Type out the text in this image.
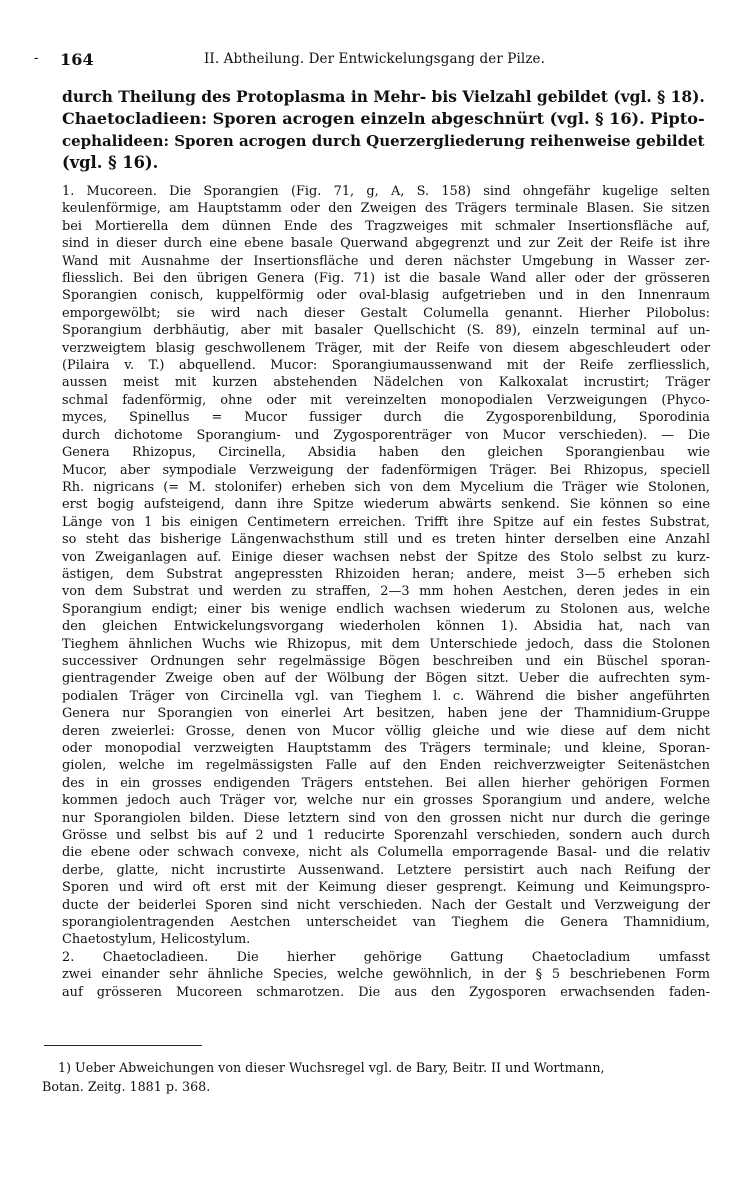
- 164	II. Abtheilung. Der Entwickelungsgang der Pilze.
durch Theilung des Protoplasma in Mehr- bis Vielzahl gebildet (vgl. § 18).
Chaetocladieen: Sporen acrogen einzeln abgeschnürt (vgl. § 16). Pipto-
cephalideen: Sporen acrogen durch Querzergliederung reihenweise gebildet
(vgl. § 16).
1. Mucoreen. Die Sporangien (Fig. 71, g, A, S. 158) sind ohngefähr kugelige selten
keulenförmige, am Hauptstamm oder den Zweigen des Trägers terminale Blasen. Sie sitzen
bei Mortierella dem dünnen Ende des Tragzweiges mit schmaler Insertionsfläche auf,
sind in dieser durch eine ebene basale Querwand abgegrenzt und zur Zeit der Reife ist ihre
Wand mit Ausnahme der Insertionsfläche und deren nächster Umgebung in Wasser zer-
fliesslich. Bei den übrigen Genera (Fig. 71) ist die basale Wand aller oder der grösseren
Sporangien conisch, kuppelförmig oder oval-blasig aufgetrieben und in den Innenraum
emporgewölbt; sie wird nach dieser Gestalt Columella genannt. Hierher Pilobolus:
Sporangium derbhäutig, aber mit basaler Quellschicht (S. 89), einzeln terminal auf un-
verzweigtem blasig geschwollenem Träger, mit der Reife von diesem abgeschleudert oder
(Pilaira v. T.) abquellend. Mucor: Sporangiumaussenwand mit der Reife zerfliesslich,
aussen meist mit kurzen abstehenden Nädelchen von Kalkoxalat incrustirt; Träger
schmal fadenförmig, ohne oder mit vereinzelten monopodialen Verzweigungen (Phyco-
myces, Spinellus = Mucor fussiger durch die Zygosporenbildung, Sporodinia
durch dichotome Sporangium- und Zygosporenträger von Mucor verschieden). — Die
Genera Rhizopus, Circinella, Absidia haben den gleichen Sporangienbau wie
Mucor, aber sympodiale Verzweigung der fadenförmigen Träger. Bei Rhizopus, speciell
Rh. nigricans (= M. stolonifer) erheben sich von dem Mycelium die Träger wie Stolonen,
erst bogig aufsteigend, dann ihre Spitze wiederum abwärts senkend. Sie können so eine
Länge von 1 bis einigen Centimetern erreichen. Trifft ihre Spitze auf ein festes Substrat,
so steht das bisherige Längenwachsthum still und es treten hinter derselben eine Anzahl
von Zweiganlagen auf. Einige dieser wachsen nebst der Spitze des Stolo selbst zu kurz-
ästigen, dem Substrat angepressten Rhizoiden heran; andere, meist 3—5 erheben sich
von dem Substrat und werden zu straffen, 2—3 mm hohen Aestchen, deren jedes in ein
Sporangium endigt; einer bis wenige endlich wachsen wiederum zu Stolonen aus, welche
den gleichen Entwickelungsvorgang wiederholen können 1). Absidia hat, nach van
Tieghem ähnlichen Wuchs wie Rhizopus, mit dem Unterschiede jedoch, dass die Stolonen
successiver Ordnungen sehr regelmässige Bögen beschreiben und ein Büschel sporan-
gientragender Zweige oben auf der Wölbung der Bögen sitzt. Ueber die aufrechten sym-
podialen Träger von Circinella vgl. van Tieghem l. c. Während die bisher angeführten
Genera nur Sporangien von einerlei Art besitzen, haben jene der Thamnidium-Gruppe
deren zweierlei: Grosse, denen von Mucor völlig gleiche und wie diese auf dem nicht
oder monopodial verzweigten Hauptstamm des Trägers terminale; und kleine, Sporan-
giolen, welche im regelmässigsten Falle auf den Enden reichverzweigter Seitenästchen
des in ein grosses endigenden Trägers entstehen. Bei allen hierher gehörigen Formen
kommen jedoch auch Träger vor, welche nur ein grosses Sporangium und andere, welche
nur Sporangiolen bilden. Diese letztern sind von den grossen nicht nur durch die geringe
Grösse und selbst bis auf 2 und 1 reducirte Sporenzahl verschieden, sondern auch durch
die ebene oder schwach convexe, nicht als Columella emporragende Basal- und die relativ
derbe, glatte, nicht incrustirte Aussenwand. Letztere persistirt auch nach Reifung der
Sporen und wird oft erst mit der Keimung dieser gesprengt. Keimung und Keimungspro-
ducte der beiderlei Sporen sind nicht verschieden. Nach der Gestalt und Verzweigung der
sporangiolentragenden Aestchen unterscheidet van Tieghem die Genera Thamnidium,
Chaetostylum, Helicostylum.
2. Chaetocladieen. Die hierher gehörige Gattung Chaetocladium umfasst
zwei einander sehr ähnliche Species, welche gewöhnlich, in der § 5 beschriebenen Form
auf grösseren Mucoreen schmarotzen. Die aus den Zygosporen erwachsenden faden-
1) Ueber Abweichungen von dieser Wuchsregel vgl. de Bary, Beitr. II und Wortmann,
Botan. Zeitg. 1881 p. 368.
